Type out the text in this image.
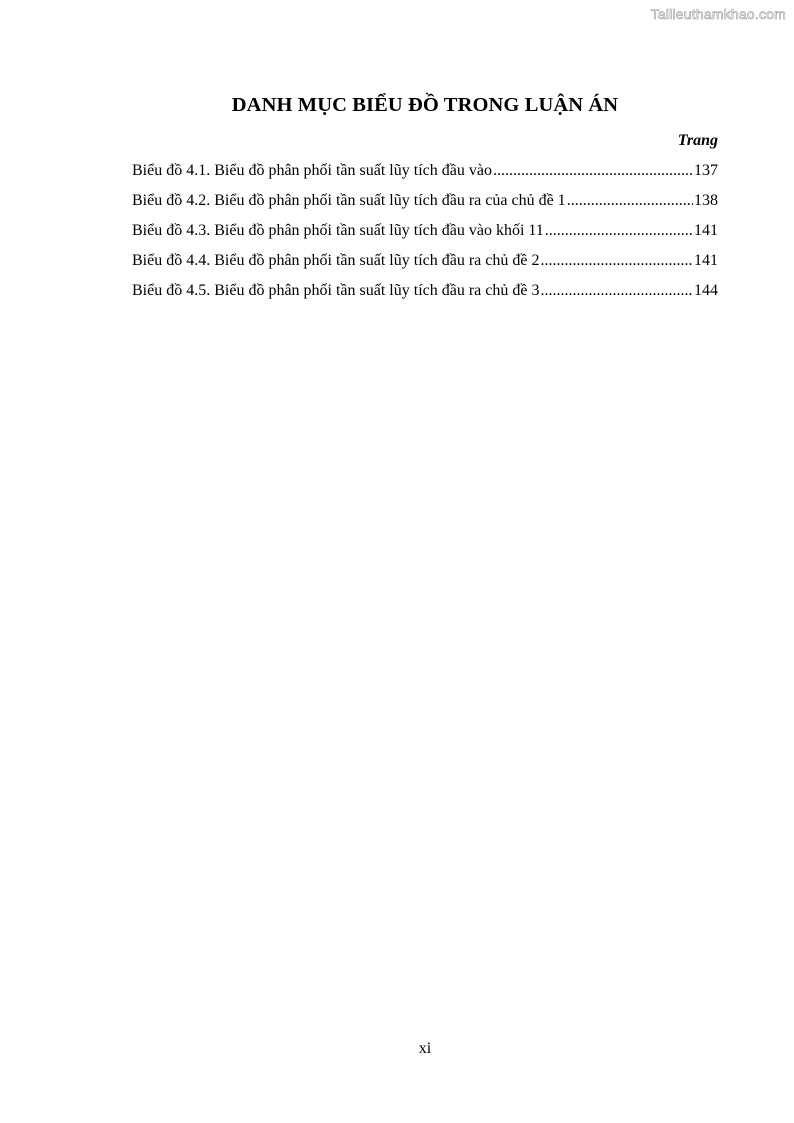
Tailieuthamkhao.com
DANH MỤC BIỂU ĐỒ TRONG LUẬN ÁN
Trang
Biểu đồ 4.1. Biểu đồ phân phối tần suất lũy tích đầu vào .....	137
Biểu đồ 4.2. Biểu đồ phân phối tần suất lũy tích đầu ra của chủ đề 1 .....	138
Biểu đồ 4.3. Biểu đồ phân phối tần suất lũy tích đầu vào khối 11 .....	141
Biểu đồ 4.4. Biểu đồ phân phối tần suất lũy tích đầu ra chủ đề 2 .....	141
Biểu đồ 4.5. Biểu đồ phân phối tần suất lũy tích đầu ra chủ đề 3 .....	144
xi
